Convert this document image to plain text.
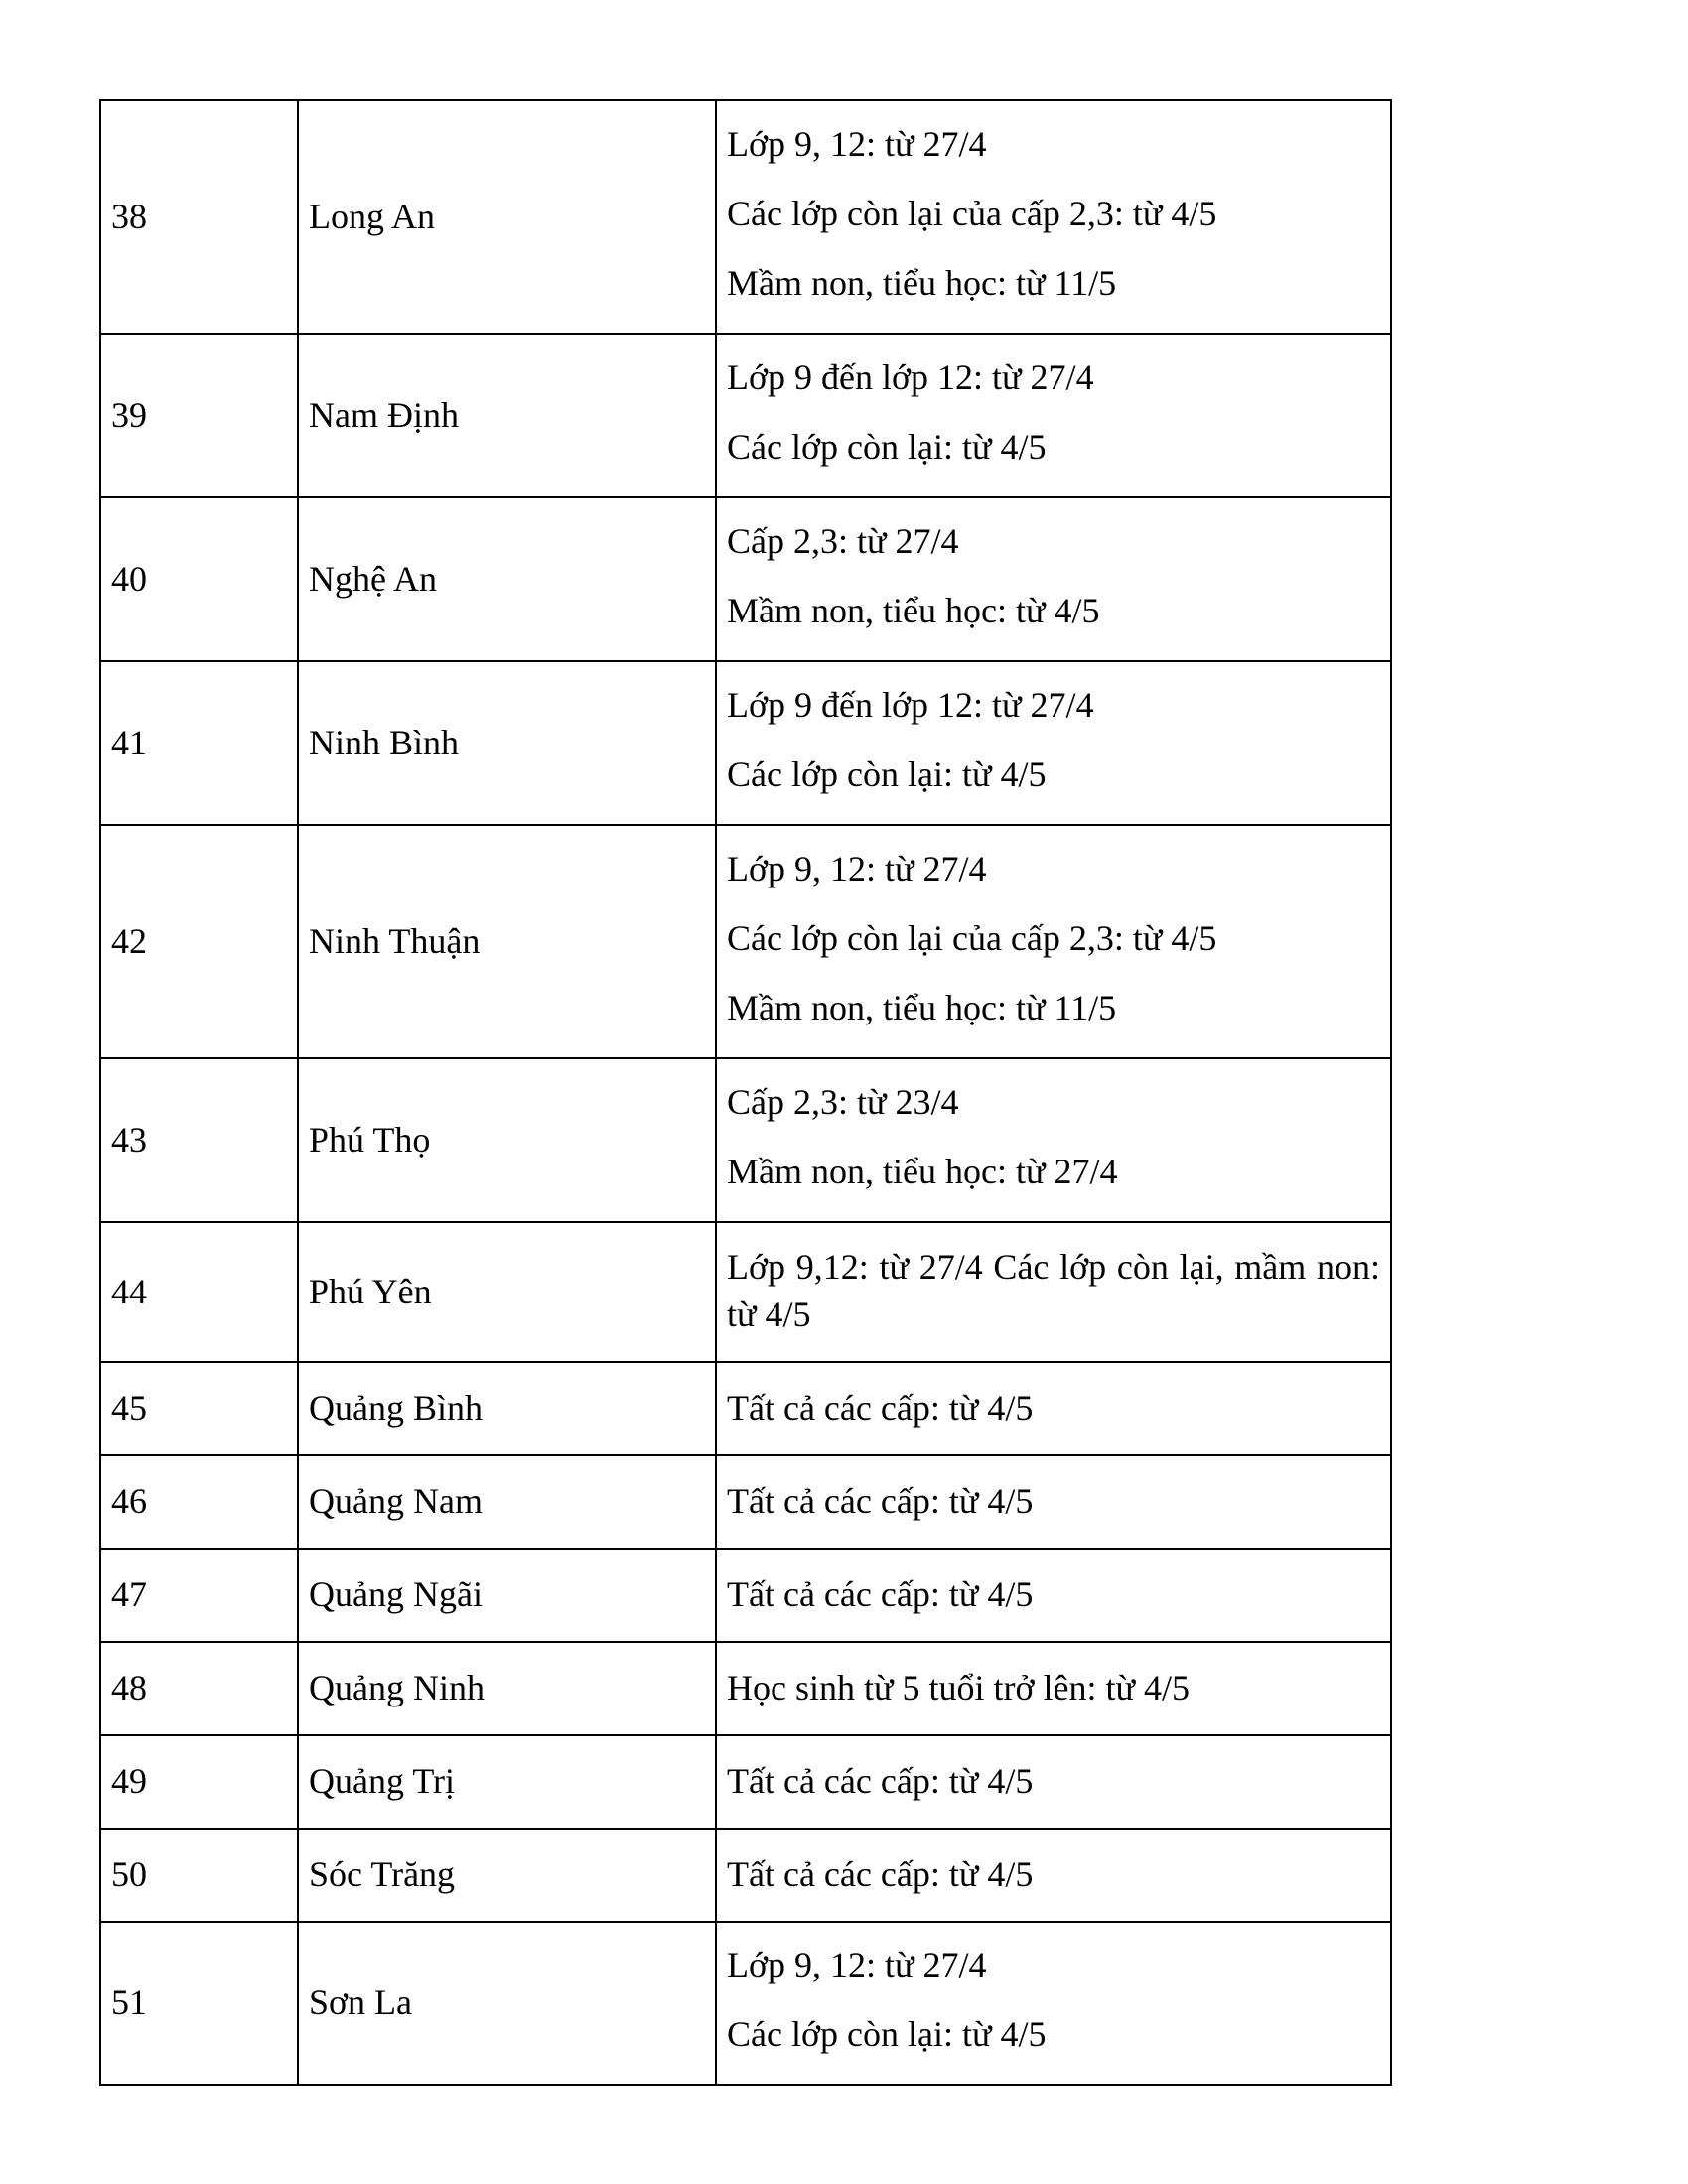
38	Long An	Lớp 9, 12: từ 27/4
Các lớp còn lại của cấp 2,3: từ 4/5
Mầm non, tiểu học: từ 11/5

39	Nam Định	Lớp 9 đến lớp 12: từ 27/4
Các lớp còn lại: từ 4/5

40	Nghệ An	Cấp 2,3: từ 27/4
Mầm non, tiểu học: từ 4/5

41	Ninh Bình	Lớp 9 đến lớp 12: từ 27/4
Các lớp còn lại: từ 4/5

42	Ninh Thuận	Lớp 9, 12: từ 27/4
Các lớp còn lại của cấp 2,3: từ 4/5
Mầm non, tiểu học: từ 11/5

43	Phú Thọ	Cấp 2,3: từ 23/4
Mầm non, tiểu học: từ 27/4

44	Phú Yên	Lớp 9,12: từ 27/4 Các lớp còn lại, mầm non: từ 4/5

45	Quảng Bình	Tất cả các cấp: từ 4/5
46	Quảng Nam	Tất cả các cấp: từ 4/5
47	Quảng Ngãi	Tất cả các cấp: từ 4/5
48	Quảng Ninh	Học sinh từ 5 tuổi trở lên: từ 4/5
49	Quảng Trị	Tất cả các cấp: từ 4/5
50	Sóc Trăng	Tất cả các cấp: từ 4/5
51	Sơn La	Lớp 9, 12: từ 27/4
Các lớp còn lại: từ 4/5
